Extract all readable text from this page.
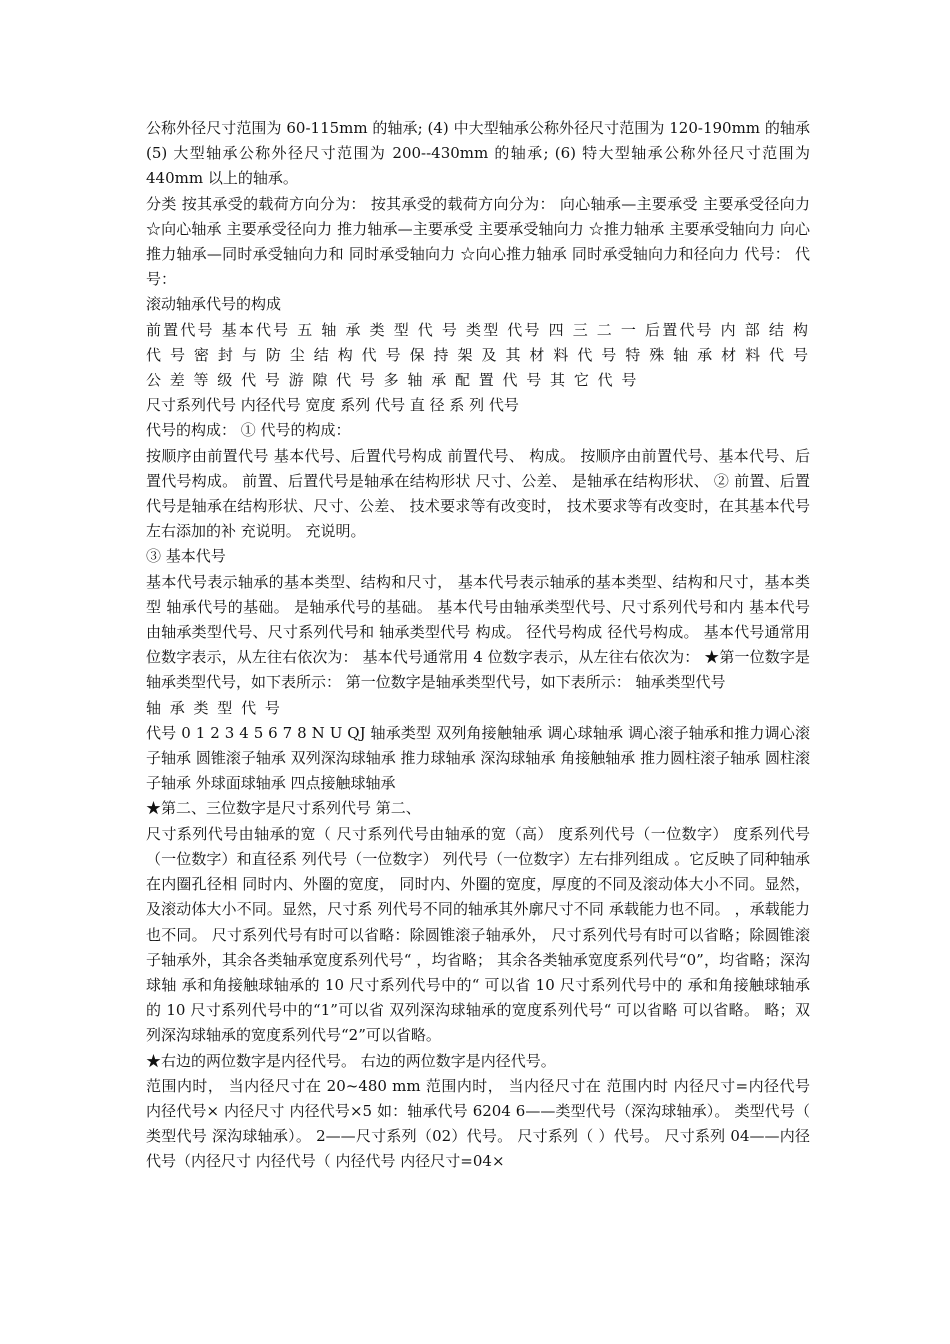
公称外径尺寸范围为 60-115mm 的轴承; (4) 中大型轴承公称外径尺寸范围为 120-190mm 的轴承 (5) 大型轴承公称外径尺寸范围为 200--430mm 的轴承; (6) 特大型轴承公称外径尺寸范围为 440mm 以上的轴承。

分类 按其承受的载荷方向分为： 按其承受的载荷方向分为： 向心轴承—主要承受 主要承受径向力 ☆向心轴承 主要承受径向力 推力轴承—主要承受 主要承受轴向力 ☆推力轴承 主要承受轴向力 向心推力轴承—同时承受轴向力和 同时承受轴向力 ☆向心推力轴承 同时承受轴向力和径向力 代号： 代号：

滚动轴承代号的构成

前置代号 基本代号 五 轴 承 类 型 代 号 类型 代号 四 三 二 一 后置代号 内 部 结 构 代 号 密 封 与 防 尘 结 构 代 号 保 持 架 及 其 材 料 代 号 特 殊 轴 承 材 料 代 号 公 差 等 级 代 号 游 隙 代 号 多 轴 承 配 置 代 号 其 它 代 号

尺寸系列代号 内径代号 宽度 系列 代号 直 径 系 列 代号

代号的构成： ① 代号的构成：

按顺序由前置代号 基本代号、后置代号构成 前置代号、 构成。 按顺序由前置代号、基本代号、后置代号构成。 前置、后置代号是轴承在结构形状 尺寸、公差、 是轴承在结构形状、 ② 前置、后置代号是轴承在结构形状、尺寸、公差、 技术要求等有改变时， 技术要求等有改变时，在其基本代号左右添加的补 充说明。 充说明。

③ 基本代号

基本代号表示轴承的基本类型、结构和尺寸， 基本代号表示轴承的基本类型、结构和尺寸，基本类型 轴承代号的基础。 是轴承代号的基础。 基本代号由轴承类型代号、尺寸系列代号和内 基本代号由轴承类型代号、尺寸系列代号和 轴承类型代号 构成。 径代号构成 径代号构成。 基本代号通常用 位数字表示，从左往右依次为： 基本代号通常用 4 位数字表示，从左往右依次为： ★第一位数字是轴承类型代号，如下表所示： 第一位数字是轴承类型代号，如下表所示： 轴承类型代号

轴 承 类 型 代 号

代号 0 1 2 3 4 5 6 7 8 N U QJ 轴承类型 双列角接触轴承 调心球轴承 调心滚子轴承和推力调心滚子轴承 圆锥滚子轴承 双列深沟球轴承 推力球轴承 深沟球轴承 角接触轴承 推力圆柱滚子轴承 圆柱滚子轴承 外球面球轴承 四点接触球轴承

★第二、三位数字是尺寸系列代号 第二、

尺寸系列代号由轴承的宽（ 尺寸系列代号由轴承的宽（高） 度系列代号（一位数字） 度系列代号（一位数字）和直径系 列代号（一位数字） 列代号（一位数字）左右排列组成 。它反映了同种轴承在内圈孔径相 同时内、外圈的宽度， 同时内、外圈的宽度，厚度的不同及滚动体大小不同。显然， 及滚动体大小不同。显然，尺寸系 列代号不同的轴承其外廓尺寸不同 承载能力也不同。 ，承载能力也不同。 尺寸系列代号有时可以省略：除圆锥滚子轴承外， 尺寸系列代号有时可以省略；除圆锥滚子轴承外，其余各类轴承宽度系列代号“ ，均省略； 其余各类轴承宽度系列代号“0”，均省略；深沟球轴 承和角接触球轴承的 10 尺寸系列代号中的“ 可以省 10 尺寸系列代号中的 承和角接触球轴承的 10 尺寸系列代号中的“1”可以省 双列深沟球轴承的宽度系列代号“ 可以省略 可以省略。 略；双列深沟球轴承的宽度系列代号“2”可以省略。

★右边的两位数字是内径代号。 右边的两位数字是内径代号。

范围内时， 当内径尺寸在 20~480 mm 范围内时， 当内径尺寸在 范围内时 内径尺寸=内径代号 内径代号× 内径尺寸 内径代号×5 如：轴承代号 6204 6——类型代号（深沟球轴承）。 类型代号（ 类型代号 深沟球轴承）。 2——尺寸系列（02）代号。 尺寸系列（ ）代号。 尺寸系列 04——内径代号（内径尺寸 内径代号（ 内径代号 内径尺寸=04×
